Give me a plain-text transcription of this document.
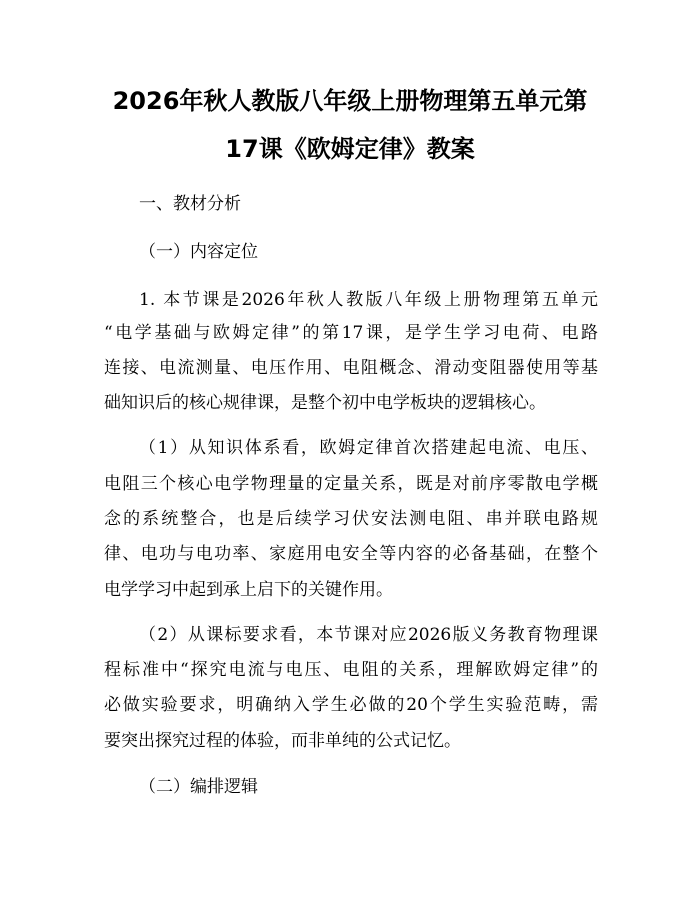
2026年秋人教版八年级上册物理第五单元第
17课《欧姆定律》教案
一、教材分析
（一）内容定位
1. 本节课是2026年秋人教版八年级上册物理第五单元
“电学基础与欧姆定律”的第17课，是学生学习电荷、电路
连接、电流测量、电压作用、电阻概念、滑动变阻器使用等基
础知识后的核心规律课，是整个初中电学板块的逻辑核心。
（1）从知识体系看，欧姆定律首次搭建起电流、电压、
电阻三个核心电学物理量的定量关系，既是对前序零散电学概
念的系统整合，也是后续学习伏安法测电阻、串并联电路规
律、电功与电功率、家庭用电安全等内容的必备基础，在整个
电学学习中起到承上启下的关键作用。
（2）从课标要求看，本节课对应2026版义务教育物理课
程标准中“探究电流与电压、电阻的关系，理解欧姆定律”的
必做实验要求，明确纳入学生必做的20个学生实验范畴，需
要突出探究过程的体验，而非单纯的公式记忆。
（二）编排逻辑
